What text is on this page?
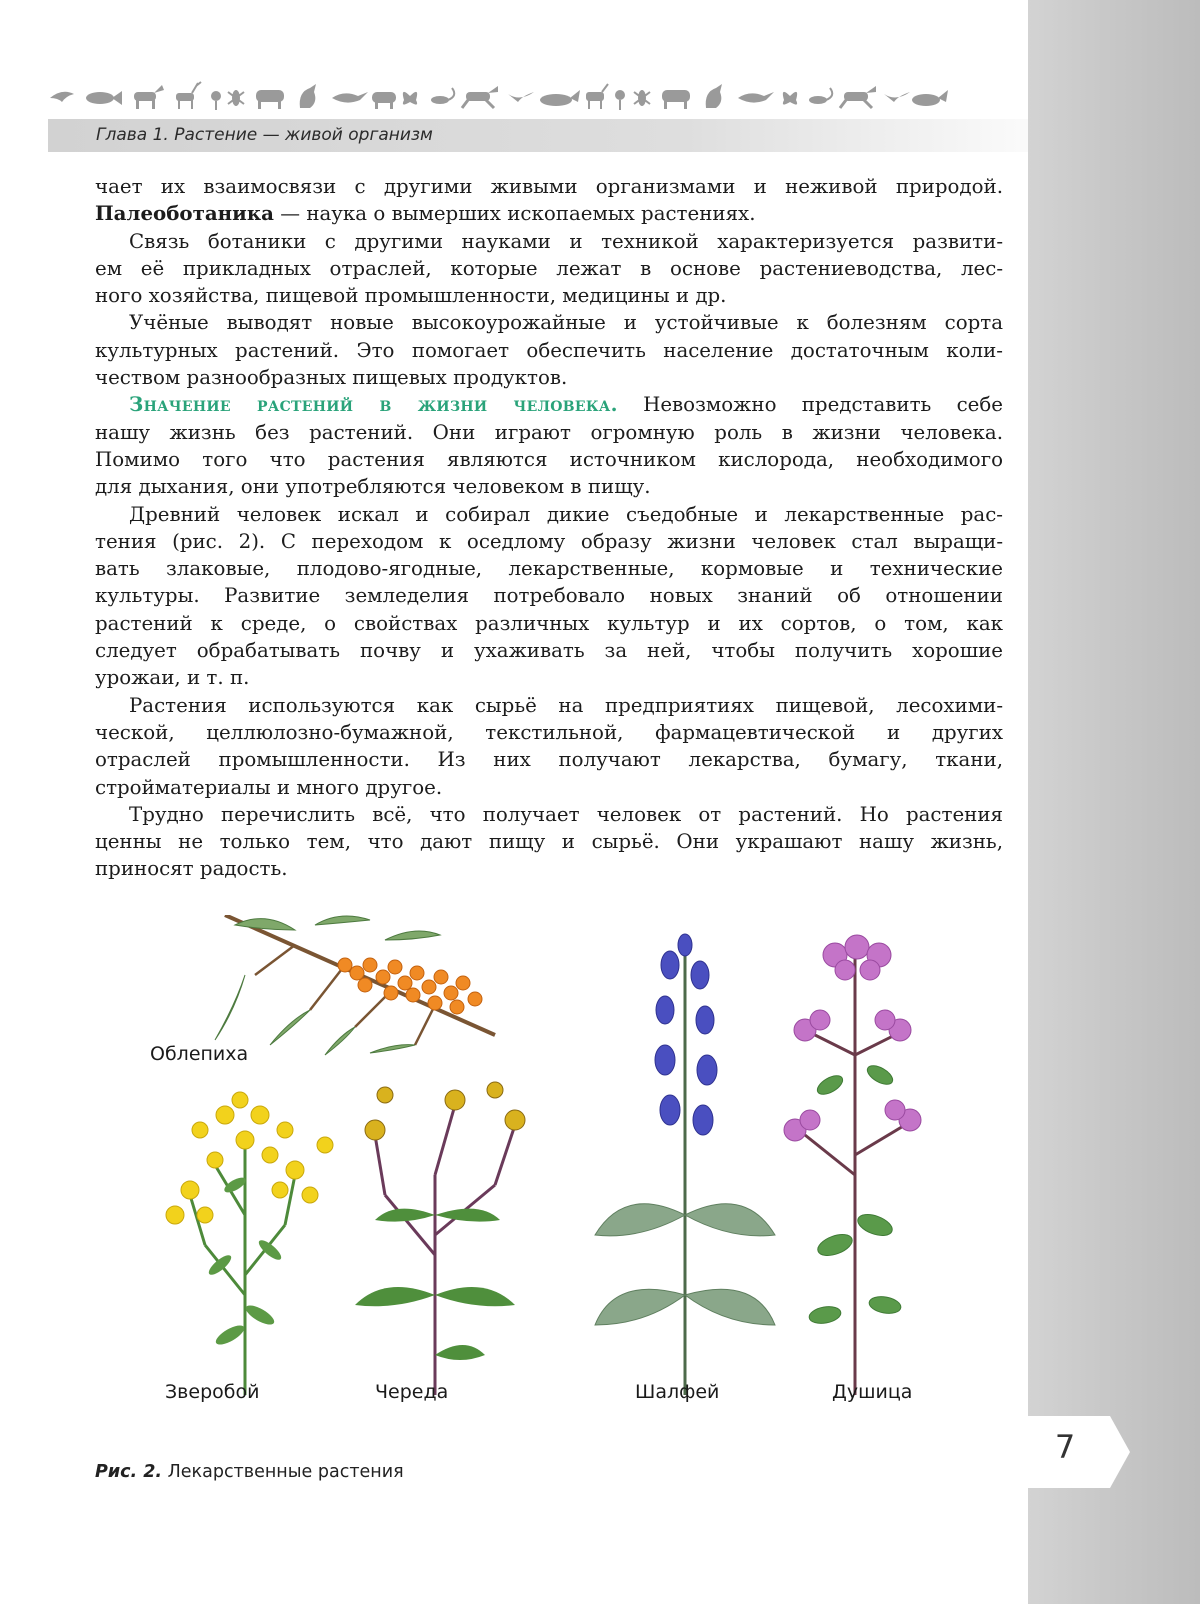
Глава 1. Растение — живой организм
чает их взаимосвязи с другими живыми организмами и неживой природой.
Палеоботаника — наука о вымерших ископаемых растениях.
Связь ботаники с другими науками и техникой характеризуется развити-
ем её прикладных отраслей, которые лежат в основе растениеводства, лес-
ного хозяйства, пищевой промышленности, медицины и др.
Учёные выводят новые высокоурожайные и устойчивые к болезням сорта
культурных растений. Это помогает обеспечить население достаточным коли-
чеством разнообразных пищевых продуктов.
Значение растений в жизни человека. Невозможно представить себе
нашу жизнь без растений. Они играют огромную роль в жизни человека.
Помимо того что растения являются источником кислорода, необходимого
для дыхания, они употребляются человеком в пищу.
Древний человек искал и собирал дикие съедобные и лекарственные рас-
тения (рис. 2). С переходом к оседлому образу жизни человек стал выращи-
вать злаковые, плодово-ягодные, лекарственные, кормовые и технические
культуры. Развитие земледелия потребовало новых знаний об отношении
растений к среде, о свойствах различных культур и их сортов, о том, как
следует обрабатывать почву и ухаживать за ней, чтобы получить хорошие
урожаи, и т. п.
Растения используются как сырьё на предприятиях пищевой, лесохими-
ческой, целлюлозно-бумажной, текстильной, фармацевтической и других
отраслей промышленности. Из них получают лекарства, бумагу, ткани,
стройматериалы и много другое.
Трудно перечислить всё, что получает человек от растений. Но растения
ценны не только тем, что дают пищу и сырьё. Они украшают нашу жизнь,
приносят радость.
Облепиха
Зверобой	Череда	Шалфей	Душица
Рис. 2. Лекарственные растения
7
